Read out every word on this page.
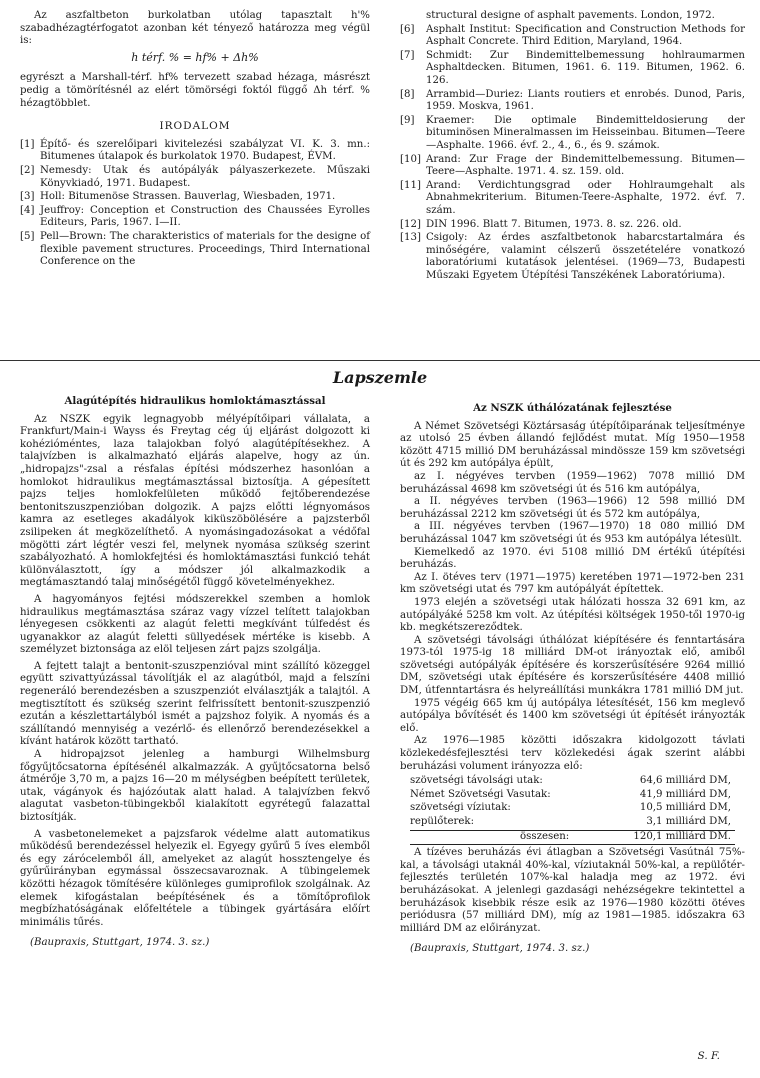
Az aszfaltbeton burkolatban utólag tapasztalt h'% szabadhézagtérfogatot azonban két tényező határozza meg végül is:

h térf. % = hf% + Δh%

egyrészt a Marshall-térf. hf% tervezett szabad hézaga, másrészt pedig a tömörítésnél az elért tömörségi foktól függő Δh térf. % hézagtöbblet.

IRODALOM
[1] Építő- és szerelőipari kivitelezési szabályzat VI. K. 3. mn.: Bitumenes útalapok és burkolatok 1970. Budapest, ÉVM.
[2] Nemesdy: Utak és autópályák pályaszerkezete. Műszaki Könyvkiadó, 1971. Budapest.
[3] Holl: Bitumenöse Strassen. Bauverlag, Wiesbaden, 1971.
[4] Jeuffroy: Conception et Construction des Chaussées Eyrolles Editeurs, Paris, 1967. I—II.
[5] Pell—Brown: The charakteristics of materials for the designe of flexible pavement structures. Proceedings, Third International Conference on the
structural designe of asphalt pavements. London, 1972.
[6]	Asphalt Institut: Specification and Construction Methods for Asphalt Concrete. Third Edition, Maryland, 1964.
[7]	Schmidt: Zur Bindemittelbemessung hohlraumarmen Asphaltdecken. Bitumen, 1961. 6. 119. Bitumen, 1962. 6. 126.
[8]	Arrambid—Duriez: Liants routiers et enrobés. Dunod, Paris, 1959. Moskva, 1961.
[9]	Kraemer: Die optimale Bindemitteldosierung der bituminösen Mineralmassen im Heisseinbau. Bitumen—Teere—Asphalte. 1966. évf. 2., 4., 6., és 9. számok.
[10] Arand: Zur Frage der Bindemittelbemessung. Bitumen—Teere—Asphalte. 1971. 4. sz. 159. old.
[11] Arand: Verdichtungsgrad oder Hohlraumgehalt als Abnahmekriterium. Bitumen-Teere-Asphalte, 1972. évf. 7. szám.
[12] DIN 1996. Blatt 7. Bitumen, 1973. 8. sz. 226. old.
[13] Csigoly: Az érdes aszfaltbetonok habarcstartalmára és minőségére, valamint célszerű összetételére vonatkozó laboratóriumi kutatások jelentései. (1969—73, Budapesti Műszaki Egyetem Útépítési Tanszékének Laboratóriuma).
Lapszemle
Alagútépítés hidraulikus homloktámasztással

Az NSZK egyik legnagyobb mélyépítőipari vállalata, a Frankfurt/Main-i Wayss és Freytag cég új eljárást dolgozott ki kohézióméntes, laza talajokban folyó alagútépítésekhez. A talajvízben is alkalmazható eljárás alapelve, hogy az ún. „hidropajzs"-zsal a résfalas építési módszerhez hasonlóan a homlokot hidraulikus megtámasztással biztosítja. A gépesített pajzs teljes homlokfelületen működő fejtőberendezése bentonitszuszpenzióban dolgozik. A pajzs előtti légnyomásos kamra az esetleges akadályok kiküszöbölésére a pajzsterből zsilipeken át megközelíthető. A nyomásingadozásokat a védőfal mögötti zárt légtér veszi fel, melynek nyomása szükség szerint szabályozható. A homlokfejtési és homloktámasztási funkció tehát különválasztott, így a módszer jól alkalmazkodik a megtámasztandó talaj minőségétől függő követelményekhez.

A hagyományos fejtési módszerekkel szemben a homlok hidraulikus megtámasztása száraz vagy vízzel telített talajokban lényegesen csökkenti az alagút feletti megkívánt túlfedést és ugyanakkor az alagút feletti süllyedések mértéke is kisebb. A személyzet biztonsága az elöl teljesen zárt pajzs szolgálja.

A fejtett talajt a bentonit-szuszpenzióval mint szállító közeggel együtt szivattyúzással távolítják el az alagútból, majd a felszíni regeneráló berendezésben a szuszpenziót elválasztják a talajtól. A megtisztított és szükség szerint felfrissített bentonit-szuszpenzió ezután a készlettartályból ismét a pajzshoz folyik. A nyomás és a szállítandó mennyiség a vezérlő- és ellenőrző berendezésekkel a kívánt határok között tartható.

A hidropajzsot jelenleg a hamburgi Wilhelmsburg főgyűjtőcsatorna építésénél alkalmazzák. A gyűjtőcsatorna belső átmérője 3,70 m, a pajzs 16—20 m mélységben beépített területek, utak, vágányok és hajózóutak alatt halad. A talajvízben fekvő alagutat vasbeton-tübingekből kialakított egyrétegű falazattal biztosítják.

A vasbetonelemeket a pajzsfarok védelme alatt automatikus működésű berendezéssel helyezik el. Egyegy gyűrű 5 íves elemből és egy zárócelemből áll, amelyeket az alagút hossztengelye és gyűrűirányban egymással összecsavaroznak. A tübingelemek közötti hézagok tömítésére különleges gumiprofilok szolgálnak. Az elemek kifogástalan beépítésének és a tömítőprofilok megbízhatóságának előfeltétele a tübingek gyártására előírt minimális tűrés.

(Baupraxis, Stuttgart, 1974. 3. sz.)
Az NSZK úthálózatának fejlesztése

A Német Szövetségi Köztársaság útépítőiparának teljesítménye az utolsó 25 évben állandó fejlődést mutat. Míg 1950—1958 között 4715 millió DM beruházással mindössze 159 km szövetségi út és 292 km autópálya épült,

az I. négyéves tervben (1959—1962) 7078 millió DM beruházással 4698 km szövetségi út és 516 km autópálya,

a II. négyéves tervben (1963—1966) 12 598 millió DM beruházással 2212 km szövetségi út és 572 km autópálya,

a III. négyéves tervben (1967—1970) 18 080 millió DM beruházással 1047 km szövetségi út és 953 km autópálya létesült.

Kiemelkedő az 1970. évi 5108 millió DM értékű útépítési beruházás.

Az I. ötéves terv (1971—1975) keretében 1971—1972-ben 231 km szövetségi utat és 797 km autópályát építettek.

1973 elején a szövetségi utak hálózati hossza 32 691 km, az autópályáké 5258 km volt. Az útépítési költségek 1950-től 1970-ig kb. megkétszereződtek.

A szövetségi távolsági úthálózat kiépítésére és fenntartására 1973-tól 1975-ig 18 milliárd DM-ot irányoztak elő, amiből szövetségi autópályák építésére és korszerűsítésére 9264 millió DM, szövetségi utak építésére és korszerűsítésére 4408 millió DM, útfenntartásra és helyreállítási munkákra 1781 millió DM jut.

1975 végéig 665 km új autópálya létesítését, 156 km meglevő autópálya bővítését és 1400 km szövetségi út építését irányozták elő.

Az 1976—1985 közötti időszakra kidolgozott távlati közlekedésfejlesztési terv közlekedési ágak szerint alábbi beruházási volument irányozza elő:

szövetségi távolsági utak:	64,6 milliárd DM,
Német Szövetségi Vasutak:	41,9 milliárd DM,
szövetségi víziutak:	10,5 milliárd DM,
repülőterek:	3,1 milliárd DM,
összesen:	120,1 milliárd DM.

A tízéves beruházás évi átlagban a Szövetségi Vasútnál 75%-kal, a távolsági utaknál 40%-kal, víziutaknál 50%-kal, a repülőtér-fejlesztés területén 107%-kal haladja meg az 1972. évi beruházásokat. A jelenlegi gazdasági nehézségekre tekintettel a beruházások kisebbik része esik az 1976—1980 közötti ötéves periódusra (57 milliárd DM), míg az 1981—1985. időszakra 63 milliárd DM az előirányzat.

(Baupraxis, Stuttgart, 1974. 3. sz.)
S. F.
